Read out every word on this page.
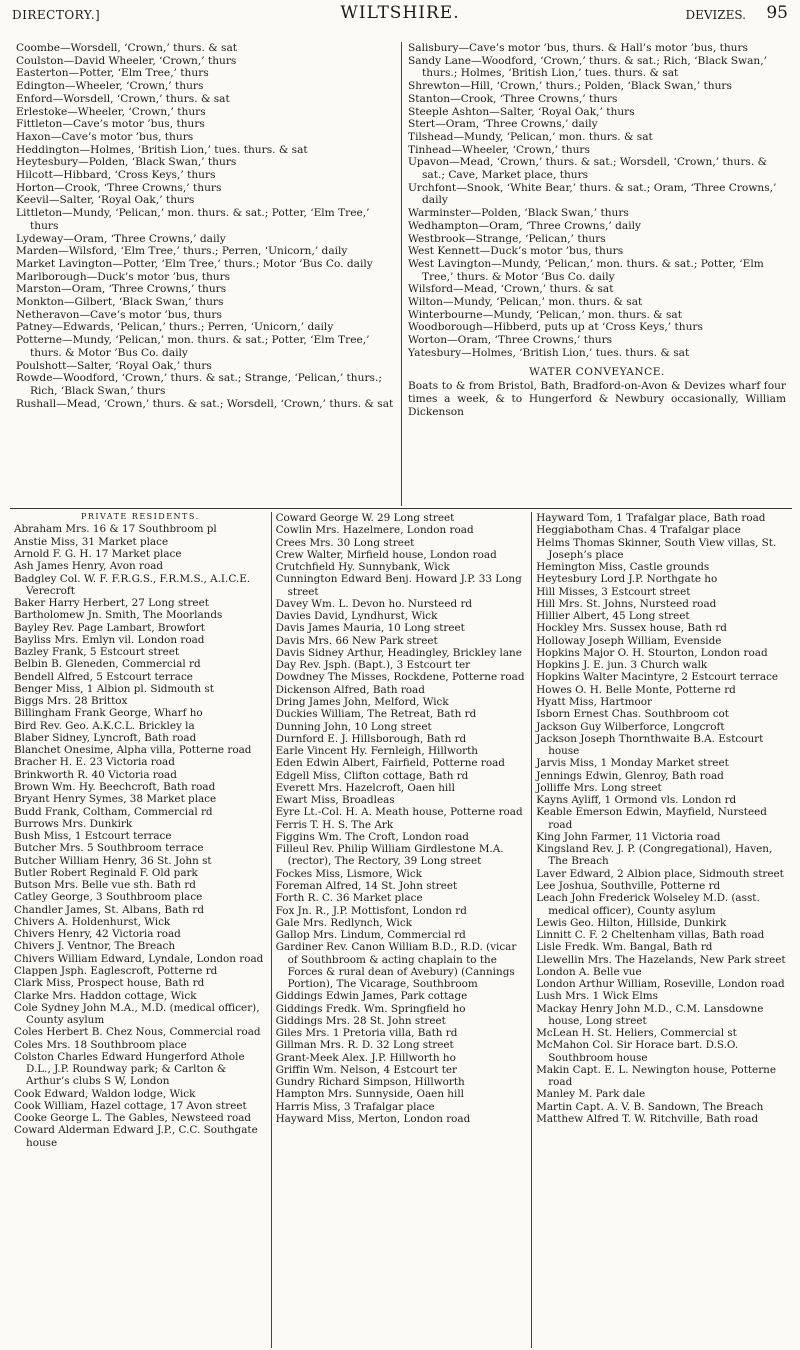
DIRECTORY.]	WILTSHIRE.	DEVIZES. 95

Coombe—Worsdell, ‘Crown,’ thurs. & sat

Coulston—David Wheeler, ‘Crown,’ thurs

Easterton—Potter, ‘Elm Tree,’ thurs

Edington—Wheeler, ‘Crown,’ thurs

Enford—Worsdell, ‘Crown,’ thurs. & sat

Erlestoke—Wheeler, ‘Crown,’ thurs

Fittleton—Cave’s motor ’bus, thurs

Haxon—Cave’s motor ’bus, thurs

Heddington—Holmes, ‘British Lion,’ tues. thurs. & sat

Heytesbury—Polden, ‘Black Swan,’ thurs

Hilcott—Hibbard, ‘Cross Keys,’ thurs

Horton—Crook, ‘Three Crowns,’ thurs

Keevil—Salter, ‘Royal Oak,’ thurs

Littleton—Mundy, ‘Pelican,’ mon. thurs. & sat.; Potter, ‘Elm Tree,’ thurs

Lydeway—Oram, ‘Three Crowns,’ daily

Marden—Wilsford, ‘Elm Tree,’ thurs.; Perren, ‘Unicorn,’ daily

Market Lavington—Potter, ‘Elm Tree,’ thurs.; Motor ’Bus Co. daily

Marlborough—Duck’s motor ’bus, thurs

Marston—Oram, ‘Three Crowns,’ thurs

Monkton—Gilbert, ‘Black Swan,’ thurs

Netheravon—Cave’s motor ’bus, thurs

Patney—Edwards, ‘Pelican,’ thurs.; Perren, ‘Unicorn,’ daily

Potterne—Mundy, ‘Pelican,’ mon. thurs. & sat.; Potter, ‘Elm Tree,’ thurs. & Motor ’Bus Co. daily

Poulshott—Salter, ‘Royal Oak,’ thurs

Rowde—Woodford, ‘Crown,’ thurs. & sat.; Strange, ‘Pelican,’ thurs.; Rich, ‘Black Swan,’ thurs

Rushall—Mead, ‘Crown,’ thurs. & sat.; Worsdell, ‘Crown,’ thurs. & sat

Salisbury—Cave’s motor ’bus, thurs. & Hall’s motor ’bus, thurs

Sandy Lane—Woodford, ‘Crown,’ thurs. & sat.; Rich, ‘Black Swan,’ thurs.; Holmes, ‘British Lion,’ tues. thurs. & sat

Shrewton—Hill, ‘Crown,’ thurs.; Polden, ‘Black Swan,’ thurs

Stanton—Crook, ‘Three Crowns,’ thurs

Steeple Ashton—Salter, ‘Royal Oak,’ thurs

Stert—Oram, ‘Three Crowns,’ daily

Tilshead—Mundy, ‘Pelican,’ mon. thurs. & sat

Tinhead—Wheeler, ‘Crown,’ thurs

Upavon—Mead, ‘Crown,’ thurs. & sat.; Worsdell, ‘Crown,’ thurs. & sat.; Cave, Market place, thurs

Urchfont—Snook, ‘White Bear,’ thurs. & sat.; Oram, ‘Three Crowns,’ daily

Warminster—Polden, ‘Black Swan,’ thurs

Wedhampton—Oram, ‘Three Crowns,’ daily

Westbrook—Strange, ‘Pelican,’ thurs

West Kennett—Duck’s motor ’bus, thurs

West Lavington—Mundy, ‘Pelican,’ mon. thurs. & sat.; Potter, ‘Elm Tree,’ thurs. & Motor ’Bus Co. daily

Wilsford—Mead, ‘Crown,’ thurs. & sat

Wilton—Mundy, ‘Pelican,’ mon. thurs. & sat

Winterbourne—Mundy, ‘Pelican,’ mon. thurs. & sat

Woodborough—Hibberd, puts up at ‘Cross Keys,’ thurs

Worton—Oram, ‘Three Crowns,’ thurs

Yatesbury—Holmes, ‘British Lion,’ tues. thurs. & sat

WATER CONVEYANCE.

Boats to & from Bristol, Bath, Bradford-on-Avon & Devizes wharf four times a week, & to Hungerford & Newbury occasionally, William Dickenson

PRIVATE RESIDENTS.

Abraham Mrs. 16 & 17 Southbroom pl

Anstie Miss, 31 Market place

Arnold F. G. H. 17 Market place

Ash James Henry, Avon road

Badgley Col. W. F. F.R.G.S., F.R.M.S., A.I.C.E. Verecroft

Baker Harry Herbert, 27 Long street

Bartholomew Jn. Smith, The Moorlands

Bayley Rev. Page Lambart, Browfort

Bayliss Mrs. Emlyn vil. London road

Bazley Frank, 5 Estcourt street

Belbin B. Gleneden, Commercial rd

Bendell Alfred, 5 Estcourt terrace

Benger Miss, 1 Albion pl. Sidmouth st

Biggs Mrs. 28 Brittox

Billingham Frank George, Wharf ho

Bird Rev. Geo. A.K.C.L. Brickley la

Blaber Sidney, Lyncroft, Bath road

Blanchet Onesime, Alpha villa, Potterne road

Bracher H. E. 23 Victoria road

Brinkworth R. 40 Victoria road

Brown Wm. Hy. Beechcroft, Bath road

Bryant Henry Symes, 38 Market place

Budd Frank, Coltham, Commercial rd

Burrows Mrs. Dunkirk

Bush Miss, 1 Estcourt terrace

Butcher Mrs. 5 Southbroom terrace

Butcher William Henry, 36 St. John st

Butler Robert Reginald F. Old park

Butson Mrs. Belle vue sth. Bath rd

Catley George, 3 Southbroom place

Chandler James, St. Albans, Bath rd

Chivers A. Holdenhurst, Wick

Chivers Henry, 42 Victoria road

Chivers J. Ventnor, The Breach

Chivers William Edward, Lyndale, London road

Clappen Jsph. Eaglescroft, Potterne rd

Clark Miss, Prospect house, Bath rd

Clarke Mrs. Haddon cottage, Wick

Cole Sydney John M.A., M.D. (medical officer), County asylum

Coles Herbert B. Chez Nous, Commercial road

Coles Mrs. 18 Southbroom place

Colston Charles Edward Hungerford Athole D.L., J.P. Roundway park; & Carlton & Arthur’s clubs S W, London

Cook Edward, Waldon lodge, Wick

Cook William, Hazel cottage, 17 Avon street

Cooke George L. The Gables, Newsteed road

Coward Alderman Edward J.P., C.C. Southgate house

Coward George W. 29 Long street

Cowlin Mrs. Hazelmere, London road

Crees Mrs. 30 Long street

Crew Walter, Mirfield house, London road

Crutchfield Hy. Sunnybank, Wick

Cunnington Edward Benj. Howard J.P. 33 Long street

Davey Wm. L. Devon ho. Nursteed rd

Davies David, Lyndhurst, Wick

Davis James Mauria, 10 Long street

Davis Mrs. 66 New Park street

Davis Sidney Arthur, Headingley, Brickley lane

Day Rev. Jsph. (Bapt.), 3 Estcourt ter

Dowdney The Misses, Rockdene, Potterne road

Dickenson Alfred, Bath road

Dring James John, Melford, Wick

Duckies William, The Retreat, Bath rd

Dunning John, 10 Long street

Durnford E. J. Hillsborough, Bath rd

Earle Vincent Hy. Fernleigh, Hillworth

Eden Edwin Albert, Fairfield, Potterne road

Edgell Miss, Clifton cottage, Bath rd

Everett Mrs. Hazelcroft, Oaen hill

Ewart Miss, Broadleas

Eyre Lt.-Col. H. A. Meath house, Potterne road

Ferris T. H. S. The Ark

Figgins Wm. The Croft, London road

Filleul Rev. Philip William Girdlestone M.A. (rector), The Rectory, 39 Long street

Fockes Miss, Lismore, Wick

Foreman Alfred, 14 St. John street

Forth R. C. 36 Market place

Fox Jn. R., J.P. Mottisfont, London rd

Gale Mrs. Redlynch, Wick

Gallop Mrs. Lindum, Commercial rd

Gardiner Rev. Canon William B.D., R.D. (vicar of Southbroom & acting chaplain to the Forces & rural dean of Avebury) (Cannings Portion), The Vicarage, Southbroom

Giddings Edwin James, Park cottage

Giddings Fredk. Wm. Springfield ho

Giddings Mrs. 28 St. John street

Giles Mrs. 1 Pretoria villa, Bath rd

Gillman Mrs. R. D. 32 Long street

Grant-Meek Alex. J.P. Hillworth ho

Griffin Wm. Nelson, 4 Estcourt ter

Gundry Richard Simpson, Hillworth

Hampton Mrs. Sunnyside, Oaen hill

Harris Miss, 3 Trafalgar place

Hayward Miss, Merton, London road

Hayward Tom, 1 Trafalgar place, Bath road

Heggiabotham Chas. 4 Trafalgar place

Helms Thomas Skinner, South View villas, St. Joseph’s place

Hemington Miss, Castle grounds

Heytesbury Lord J.P. Northgate ho

Hill Misses, 3 Estcourt street

Hill Mrs. St. Johns, Nursteed road

Hillier Albert, 45 Long street

Hockley Mrs. Sussex house, Bath rd

Holloway Joseph William, Evenside

Hopkins Major O. H. Stourton, London road

Hopkins J. E. jun. 3 Church walk

Hopkins Walter Macintyre, 2 Estcourt terrace

Howes O. H. Belle Monte, Potterne rd

Hyatt Miss, Hartmoor

Isborn Ernest Chas. Southbroom cot

Jackson Guy Wilberforce, Longcroft

Jackson Joseph Thornthwaite B.A. Estcourt house

Jarvis Miss, 1 Monday Market street

Jennings Edwin, Glenroy, Bath road

Jolliffe Mrs. Long street

Kayns Ayliff, 1 Ormond vls. London rd

Keable Emerson Edwin, Mayfield, Nursteed road

King John Farmer, 11 Victoria road

Kingsland Rev. J. P. (Congregational), Haven, The Breach

Laver Edward, 2 Albion place, Sidmouth street

Lee Joshua, Southville, Potterne rd

Leach John Frederick Wolseley M.D. (asst. medical officer), County asylum

Lewis Geo. Hilton, Hillside, Dunkirk

Linnitt C. F. 2 Cheltenham villas, Bath road

Lisle Fredk. Wm. Bangal, Bath rd

Llewellin Mrs. The Hazelands, New Park street

London A. Belle vue

London Arthur William, Roseville, London road

Lush Mrs. 1 Wick Elms

Mackay Henry John M.D., C.M. Lansdowne house, Long street

McLean H. St. Heliers, Commercial st

McMahon Col. Sir Horace bart. D.S.O. Southbroom house

Makin Capt. E. L. Newington house, Potterne road

Manley M. Park dale

Martin Capt. A. V. B. Sandown, The Breach

Matthew Alfred T. W. Ritchville, Bath road
